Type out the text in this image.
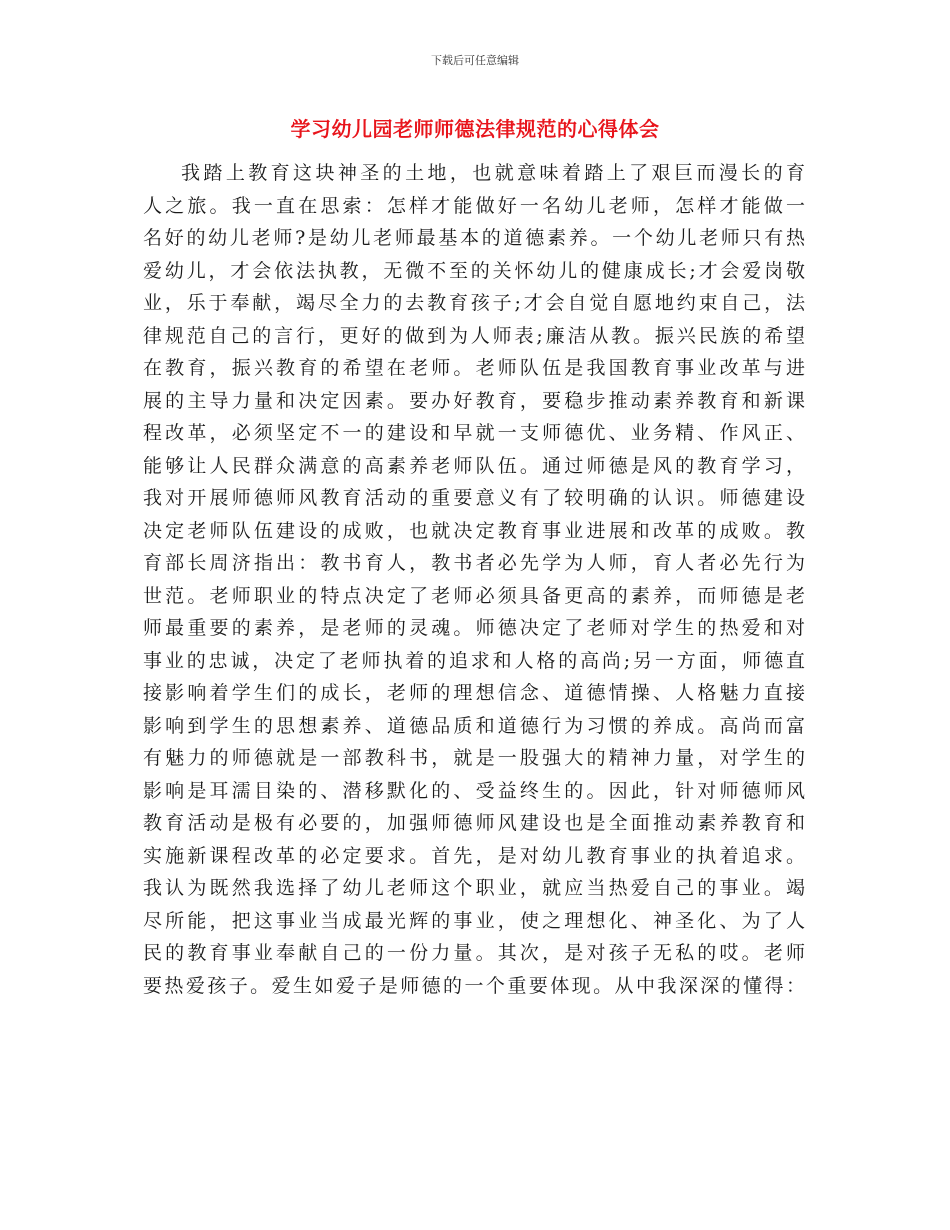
下载后可任意编辑
学习幼儿园老师师德法律规范的心得体会
我踏上教育这块神圣的土地，也就意味着踏上了艰巨而漫长的育
人之旅。我一直在思索：怎样才能做好一名幼儿老师，怎样才能做一
名好的幼儿老师?是幼儿老师最基本的道德素养。一个幼儿老师只有热
爱幼儿，才会依法执教，无微不至的关怀幼儿的健康成长;才会爱岗敬
业，乐于奉献，竭尽全力的去教育孩子;才会自觉自愿地约束自己，法
律规范自己的言行，更好的做到为人师表;廉洁从教。振兴民族的希望
在教育，振兴教育的希望在老师。老师队伍是我国教育事业改革与进
展的主导力量和决定因素。要办好教育，要稳步推动素养教育和新课
程改革，必须坚定不一的建设和早就一支师德优、业务精、作风正、
能够让人民群众满意的高素养老师队伍。通过师德是风的教育学习，
我对开展师德师风教育活动的重要意义有了较明确的认识。师德建设
决定老师队伍建设的成败，也就决定教育事业进展和改革的成败。教
育部长周济指出：教书育人，教书者必先学为人师，育人者必先行为
世范。老师职业的特点决定了老师必须具备更高的素养，而师德是老
师最重要的素养，是老师的灵魂。师德决定了老师对学生的热爱和对
事业的忠诚，决定了老师执着的追求和人格的高尚;另一方面，师德直
接影响着学生们的成长，老师的理想信念、道德情操、人格魅力直接
影响到学生的思想素养、道德品质和道德行为习惯的养成。高尚而富
有魅力的师德就是一部教科书，就是一股强大的精神力量，对学生的
影响是耳濡目染的、潜移默化的、受益终生的。因此，针对师德师风
教育活动是极有必要的，加强师德师风建设也是全面推动素养教育和
实施新课程改革的必定要求。首先，是对幼儿教育事业的执着追求。
我认为既然我选择了幼儿老师这个职业，就应当热爱自己的事业。竭
尽所能，把这事业当成最光辉的事业，使之理想化、神圣化、为了人
民的教育事业奉献自己的一份力量。其次，是对孩子无私的哎。老师
要热爱孩子。爱生如爱子是师德的一个重要体现。从中我深深的懂得：
